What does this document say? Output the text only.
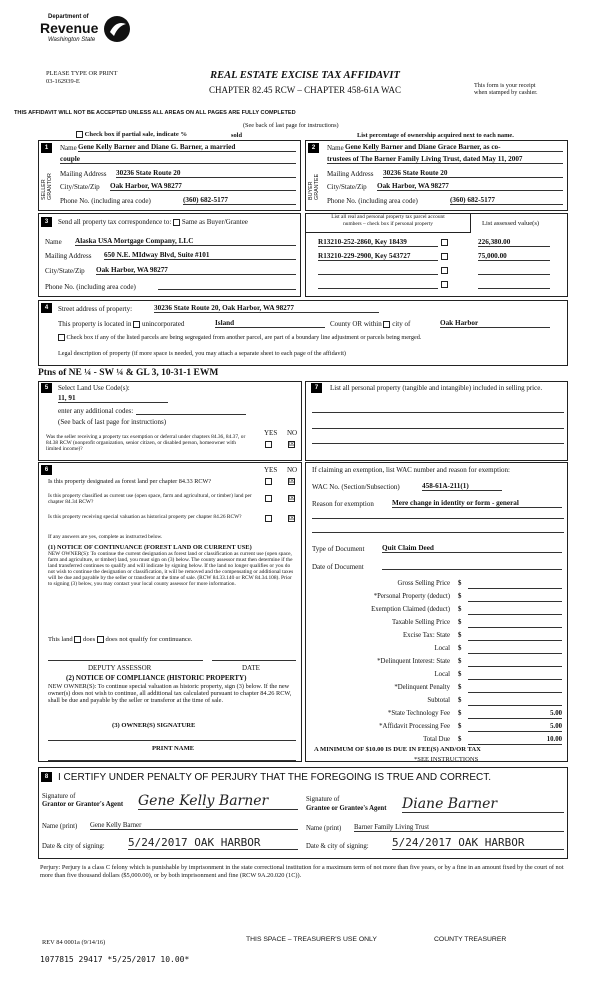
Department of
Revenue
Washington State
PLEASE TYPE OR PRINT
03-162939-E
REAL ESTATE EXCISE TAX AFFIDAVIT
CHAPTER 82.45 RCW – CHAPTER 458-61A WAC	This form is your receipt
when stamped by cashier.
THIS AFFIDAVIT WILL NOT BE ACCEPTED UNLESS ALL AREAS ON ALL PAGES ARE FULLY COMPLETED
(See back of last page for instructions)
Check box if partial sale, indicate %	sold	List percentage of ownership acquired next to each name.
1
SELLER GRANTOR
Name Gene Kelly Barner and Diane G. Barner, a married
couple
Mailing Address 30236 State Route 20
City/State/Zip Oak Harbor, WA 98277
Phone No. (including area code)	(360) 682-5177
2
BUYER GRANTEE
Name Gene Kelly Barner and Diane Grace Barner, as co-
trustees of The Barner Family Living Trust, dated May 11, 2007
Mailing Address 30236 State Route 20
City/State/Zip Oak Harbor, WA 98277
Phone No. (including area code)	(360) 682-5177
3	Send all property tax correspondence to: Same as Buyer/Grantee
Name Alaska USA Mortgage Company, LLC
Mailing Address 650 N.E. MIdway Blvd, Suite #101
City/State/Zip Oak Harbor, WA 98277
Phone No. (including area code)
List all real and personal property tax parcel account
numbers – check box if personal property	List assessed value(s)
R13210-252-2860, Key 18439	226,380.00
R13210-229-2900, Key 543727	75,000.00
4	Street address of property:	30236 State Route 20, Oak Harbor, WA 98277
This property is located in unincorporated	Island	County OR within city of	Oak Harbor
Check box if any of the listed parcels are being segregated from another parcel, are part of a boundary line adjustment or parcels being merged.
Legal description of property (if more space is needed, you may attach a separate sheet to each page of the affidavit)
Ptns of NE ¼ - SW ¼ & GL 3, 10-31-1 EWM
5	Select Land Use Code(s):
11, 91
enter any additional codes:
(See back of last page for instructions)
YES NO
Was the seller receiving a property tax exemption or deferral under chapters 84.36, 84.37, or 84.38 RCW (nonprofit organization, senior citizen, or disabled person, homeowner with limited income)?
☒
7	List all personal property (tangible and intangible) included in selling price.
6	YES NO
Is this property designated as forest land per chapter 84.33 RCW?	☒
Is this property classified as current use (open space, farm and agricultural, or timber) land per chapter 84.34 RCW?
☒
Is this property receiving special valuation as historical property per chapter 84.26 RCW?	☒
If any answers are yes, complete as instructed below.
(1) NOTICE OF CONTINUANCE (FOREST LAND OR CURRENT USE)
NEW OWNER(S): To continue the current designation as forest land or classification as current use (open space, farm and agriculture, or timber) land, you must sign on (3) below. The county assessor must then determine if the land transferred continues to qualify and will indicate by signing below. If the land no longer qualifies or you do not wish to continue the designation or classification, it will be removed and the compensating or additional taxes will be due and payable by the seller or transferor at the time of sale. (RCW 84.33.140 or RCW 84.34.108). Prior to signing (3) below, you may contact your local county assessor for more information.
This land does does not qualify for continuance.
DEPUTY ASSESSOR	DATE
(2) NOTICE OF COMPLIANCE (HISTORIC PROPERTY)
NEW OWNER(S): To continue special valuation as historic property, sign (3) below. If the new owner(s) does not wish to continue, all additional tax calculated pursuant to chapter 84.26 RCW, shall be due and payable by the seller or transferor at the time of sale.
(3) OWNER(S) SIGNATURE
PRINT NAME
If claiming an exemption, list WAC number and reason for exemption:
WAC No. (Section/Subsection)	458-61A-211(1)
Reason for exemption	Mere change in identity or form - general
Type of Document Quit Claim Deed
Date of Document
Gross Selling Price $
*Personal Property (deduct) $
Exemption Claimed (deduct) $
Taxable Selling Price $
Excise Tax: State $
Local $
*Delinquent Interest: State $
Local $
*Delinquent Penalty $
Subtotal $
*State Technology Fee $	5.00
*Affidavit Processing Fee $	5.00
Total Due $	10.00
A MINIMUM OF $10.00 IS DUE IN FEE(S) AND/OR TAX
*SEE INSTRUCTIONS
8 I CERTIFY UNDER PENALTY OF PERJURY THAT THE FOREGOING IS TRUE AND CORRECT.
Signature of
Grantor or Grantor's Agent Gene Kelly Barner
Name (print) Gene Kelly Barner
Date & city of signing: 5/24/2017 OAK HARBOR
Signature of
Grantee or Grantee's Agent Diane Barner
Name (print) Barner Family Living Trust
Date & city of signing: 5/24/2017 OAK HARBOR
Perjury: Perjury is a class C felony which is punishable by imprisonment in the state correctional institution for a maximum term of not more than five years, or by a fine in an amount fixed by the court of not more than five thousand dollars ($5,000.00), or by both imprisonment and fine (RCW 9A.20.020 (1C)).
REV 84 0001a (9/14/16)	THIS SPACE – TREASURER'S USE ONLY	COUNTY TREASURER
1077815 29417 *5/25/2017 10.00*
